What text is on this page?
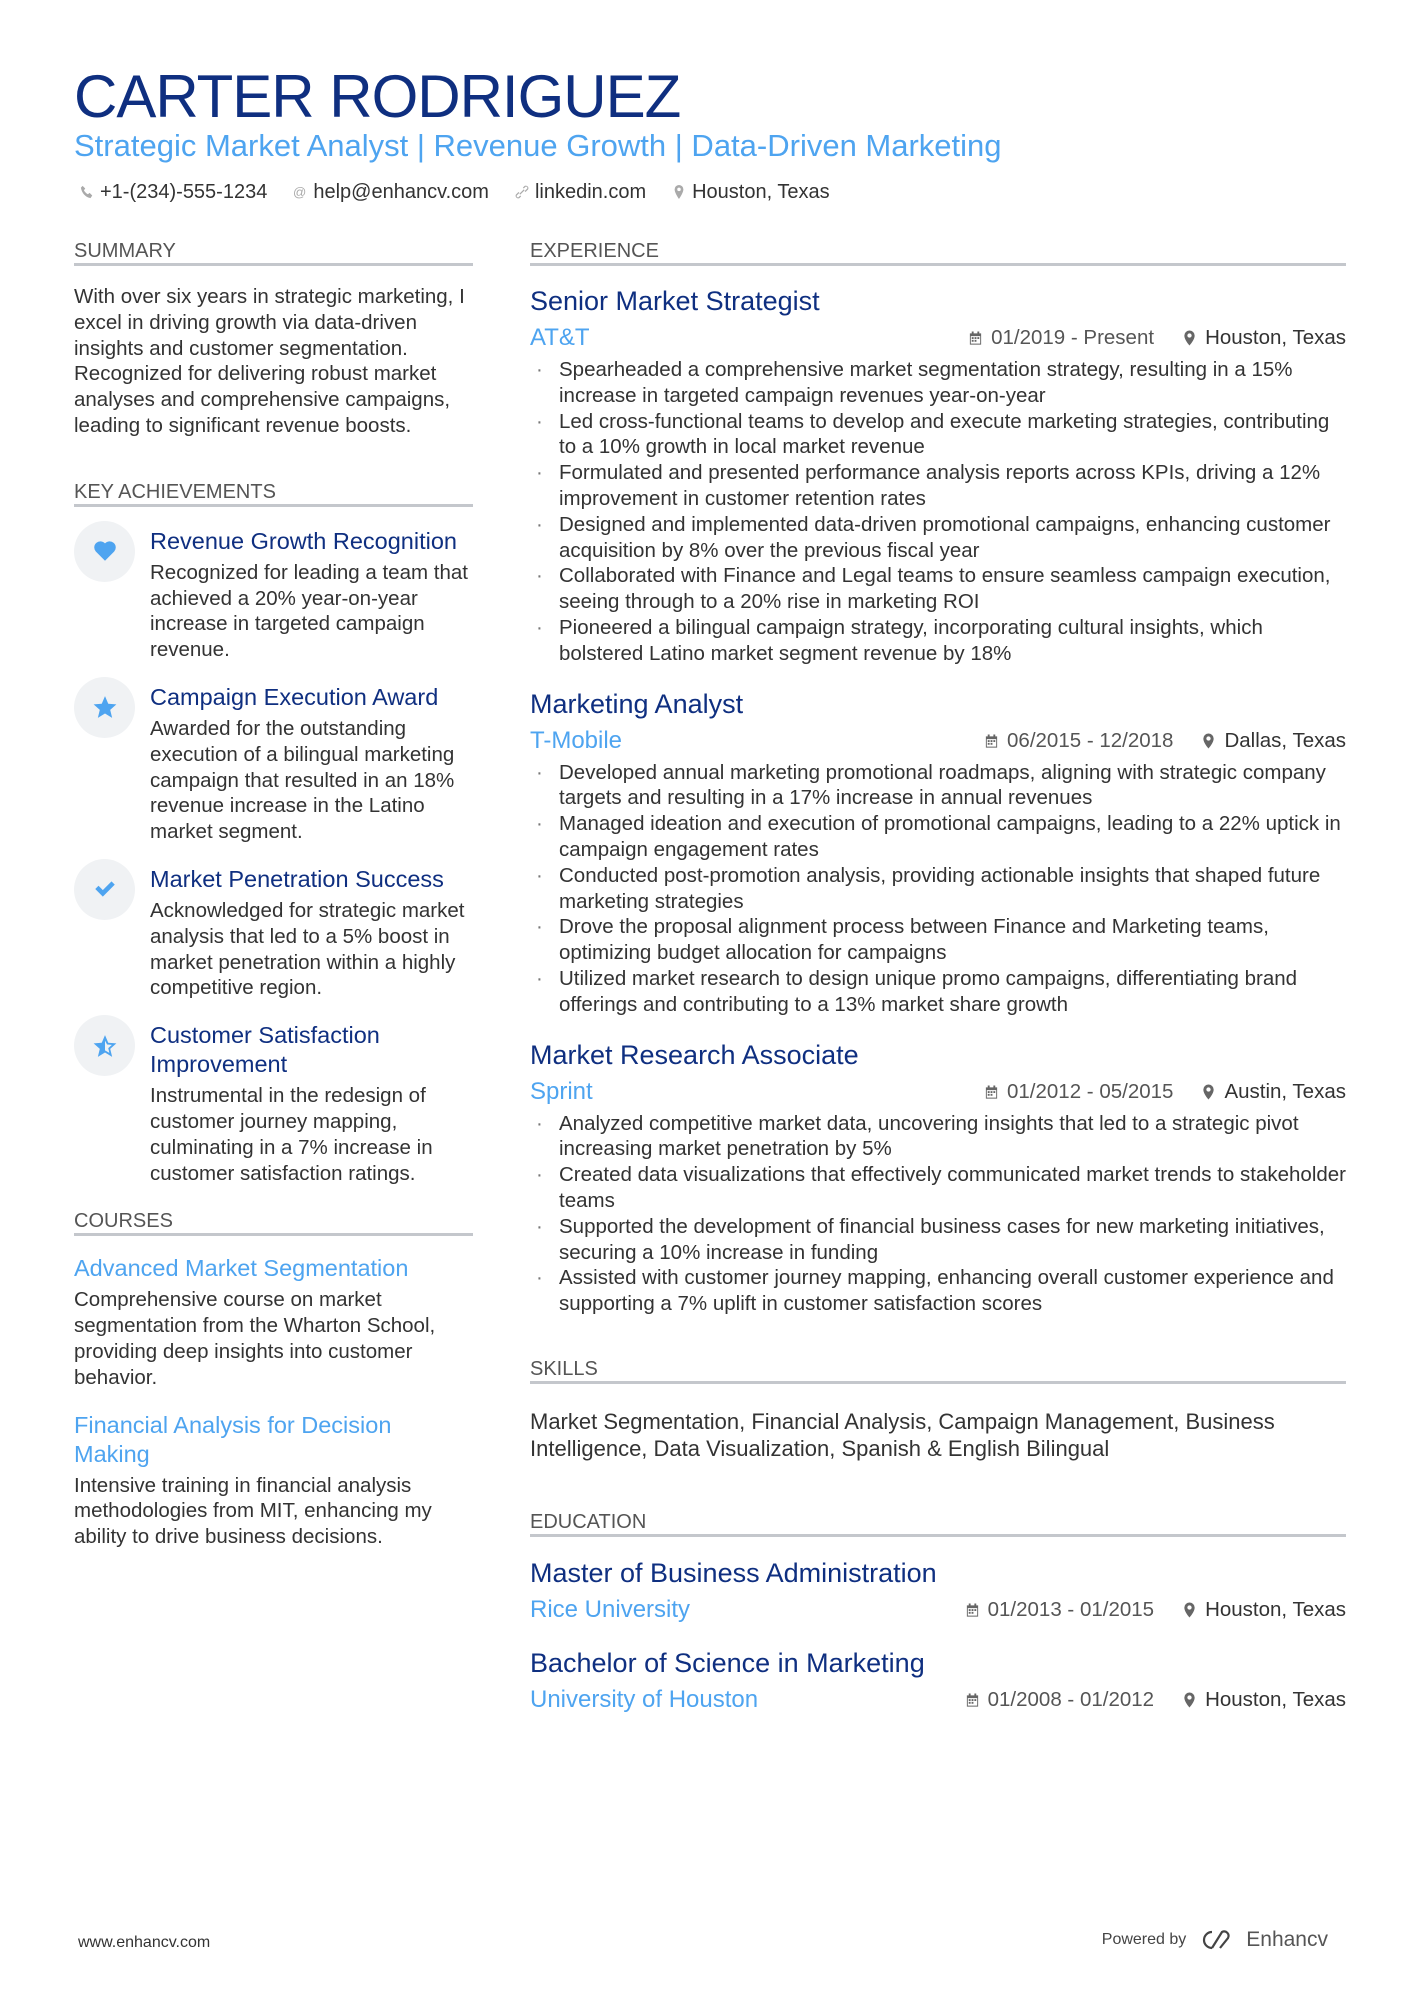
CARTER RODRIGUEZ
Strategic Market Analyst | Revenue Growth | Data-Driven Marketing
+1-(234)-555-1234 @ help@enhancv.com linkedin.com Houston, Texas
SUMMARY
With over six years in strategic marketing, I excel in driving growth via data-driven insights and customer segmentation. Recognized for delivering robust market analyses and comprehensive campaigns, leading to significant revenue boosts.
KEY ACHIEVEMENTS
Revenue Growth Recognition
Recognized for leading a team that achieved a 20% year-on-year increase in targeted campaign revenue.
Campaign Execution Award
Awarded for the outstanding execution of a bilingual marketing campaign that resulted in an 18% revenue increase in the Latino market segment.
Market Penetration Success
Acknowledged for strategic market analysis that led to a 5% boost in market penetration within a highly competitive region.
Customer Satisfaction Improvement
Instrumental in the redesign of customer journey mapping, culminating in a 7% increase in customer satisfaction ratings.
COURSES
Advanced Market Segmentation
Comprehensive course on market segmentation from the Wharton School, providing deep insights into customer behavior.
Financial Analysis for Decision Making
Intensive training in financial analysis methodologies from MIT, enhancing my ability to drive business decisions.
EXPERIENCE
Senior Market Strategist
AT&T	01/2019 - Present Houston, Texas
· Spearheaded a comprehensive market segmentation strategy, resulting in a 15% increase in targeted campaign revenues year-on-year
· Led cross-functional teams to develop and execute marketing strategies, contributing to a 10% growth in local market revenue
· Formulated and presented performance analysis reports across KPIs, driving a 12% improvement in customer retention rates
· Designed and implemented data-driven promotional campaigns, enhancing customer acquisition by 8% over the previous fiscal year
· Collaborated with Finance and Legal teams to ensure seamless campaign execution, seeing through to a 20% rise in marketing ROI
· Pioneered a bilingual campaign strategy, incorporating cultural insights, which bolstered Latino market segment revenue by 18%
Marketing Analyst
T-Mobile	06/2015 - 12/2018 Dallas, Texas
· Developed annual marketing promotional roadmaps, aligning with strategic company targets and resulting in a 17% increase in annual revenues
· Managed ideation and execution of promotional campaigns, leading to a 22% uptick in campaign engagement rates
· Conducted post-promotion analysis, providing actionable insights that shaped future marketing strategies
· Drove the proposal alignment process between Finance and Marketing teams, optimizing budget allocation for campaigns
· Utilized market research to design unique promo campaigns, differentiating brand offerings and contributing to a 13% market share growth
Market Research Associate
Sprint	01/2012 - 05/2015 Austin, Texas
· Analyzed competitive market data, uncovering insights that led to a strategic pivot increasing market penetration by 5%
· Created data visualizations that effectively communicated market trends to stakeholder teams
· Supported the development of financial business cases for new marketing initiatives, securing a 10% increase in funding
· Assisted with customer journey mapping, enhancing overall customer experience and supporting a 7% uplift in customer satisfaction scores
SKILLS
Market Segmentation, Financial Analysis, Campaign Management, Business Intelligence, Data Visualization, Spanish & English Bilingual
EDUCATION
Master of Business Administration
Rice University	01/2013 - 01/2015 Houston, Texas
Bachelor of Science in Marketing
University of Houston	01/2008 - 01/2012 Houston, Texas
www.enhancv.com	Powered by	Enhancv
